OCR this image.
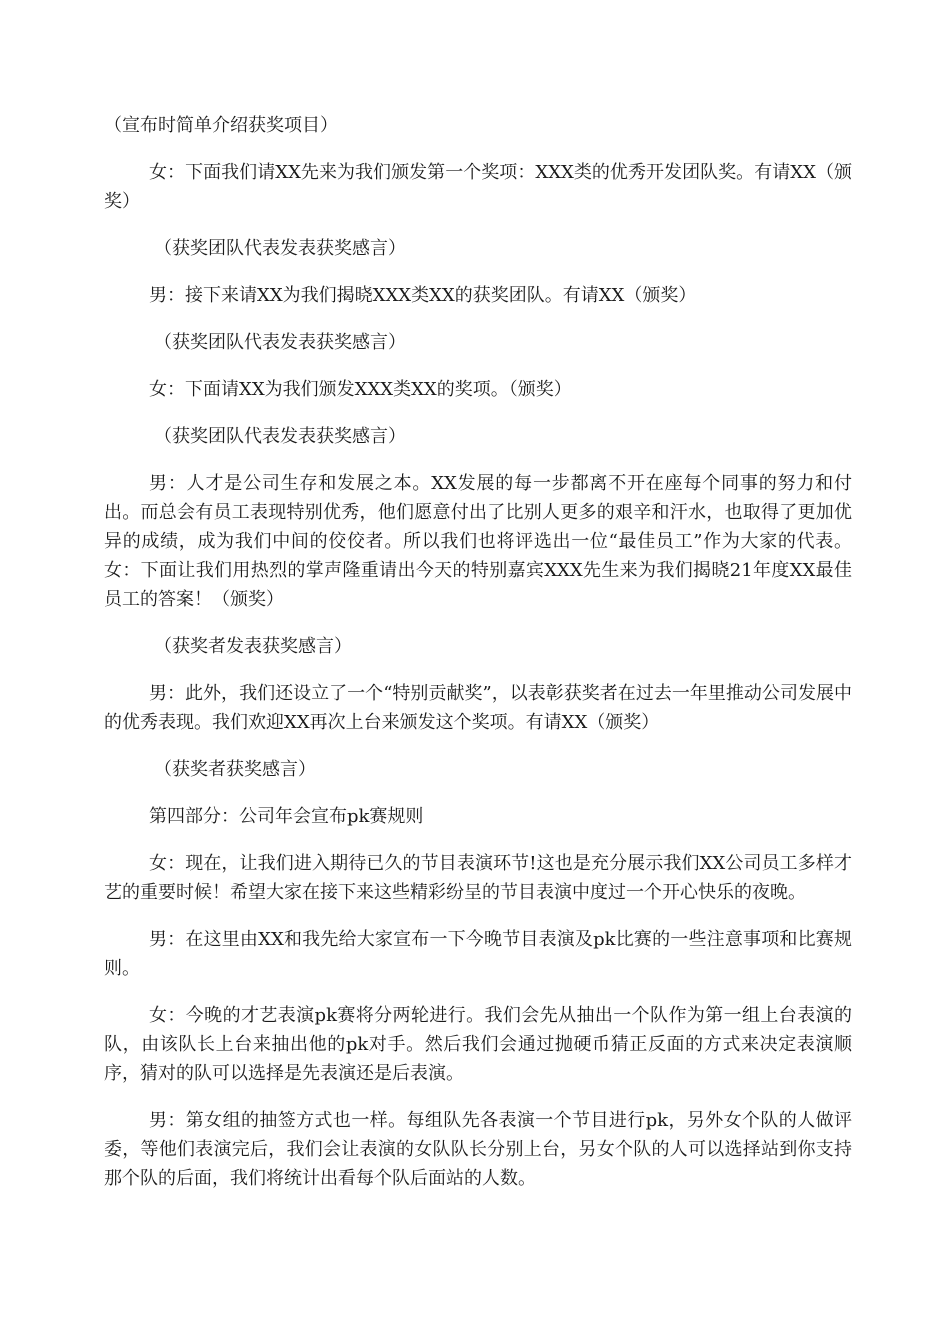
（宣布时简单介绍获奖项目）

女：下面我们请XX先来为我们颁发第一个奖项：XXX类的优秀开发团队奖。有请XX（颁奖）

（获奖团队代表发表获奖感言）

男：接下来请XX为我们揭晓XXX类XX的获奖团队。有请XX（颁奖）

（获奖团队代表发表获奖感言）

女：下面请XX为我们颁发XXX类XX的奖项。（颁奖）

（获奖团队代表发表获奖感言）

男：人才是公司生存和发展之本。XX发展的每一步都离不开在座每个同事的努力和付出。而总会有员工表现特别优秀，他们愿意付出了比别人更多的艰辛和汗水，也取得了更加优异的成绩，成为我们中间的佼佼者。所以我们也将评选出一位“最佳员工”作为大家的代表。女：下面让我们用热烈的掌声隆重请出今天的特别嘉宾XXX先生来为我们揭晓21年度XX最佳员工的答案！（颁奖）

（获奖者发表获奖感言）

男：此外，我们还设立了一个“特别贡献奖”，以表彰获奖者在过去一年里推动公司发展中的优秀表现。我们欢迎XX再次上台来颁发这个奖项。有请XX（颁奖）

（获奖者获奖感言）

第四部分：公司年会宣布pk赛规则

女：现在，让我们进入期待已久的节目表演环节!这也是充分展示我们XX公司员工多样才艺的重要时候！希望大家在接下来这些精彩纷呈的节目表演中度过一个开心快乐的夜晚。

男：在这里由XX和我先给大家宣布一下今晚节目表演及pk比赛的一些注意事项和比赛规则。

女：今晚的才艺表演pk赛将分两轮进行。我们会先从抽出一个队作为第一组上台表演的队，由该队长上台来抽出他的pk对手。然后我们会通过抛硬币猜正反面的方式来决定表演顺序，猜对的队可以选择是先表演还是后表演。

男：第女组的抽签方式也一样。每组队先各表演一个节目进行pk，另外女个队的人做评委，等他们表演完后，我们会让表演的女队队长分别上台，另女个队的人可以选择站到你支持那个队的后面，我们将统计出看每个队后面站的人数。
